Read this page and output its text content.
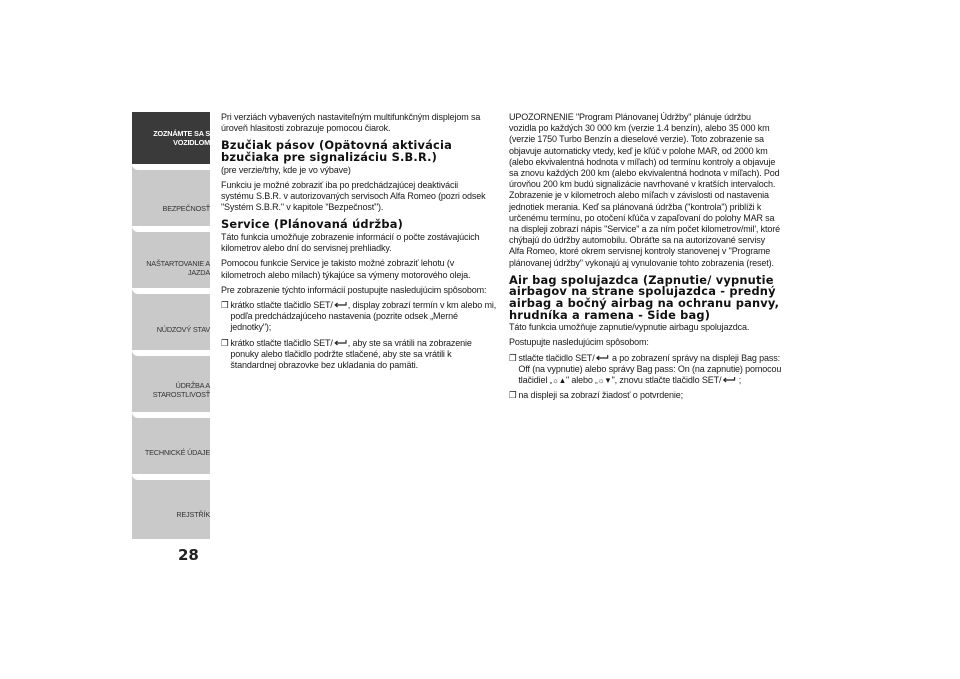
ZOZNÁMTE SA S VOZIDLOM
BEZPEČNOSŤ
NAŠTARTOVANIE A JAZDA
NÚDZOVÝ STAV
ÚDRŽBA A STAROSTLIVOSŤ
TECHNICKÉ ÚDAJE
REJSTŘÍK
28

Pri verziách vybavených nastaviteľným multifunkčným displejom sa úroveň hlasitosti zobrazuje pomocou čiarok.

Bzučiak pásov (Opätovná aktivácia bzučiaka pre signalizáciu S.B.R.)

(pre verzie/trhy, kde je vo výbave)

Funkciu je možné zobraziť iba po predchádzajúcej deaktivácii systému S.B.R. v autorizovaných servisoch Alfa Romeo (pozri odsek "Systém S.B.R." v kapitole "Bezpečnosť").

Service (Plánovaná údržba)

Táto funkcia umožňuje zobrazenie informácií o počte zostávajúcich kilometrov alebo dní do servisnej prehliadky.

Pomocou funkcie Service je takisto možné zobraziť lehotu (v kilometroch alebo mílach) týkajúce sa výmeny motorového oleja.

Pre zobrazenie týchto informácií postupujte nasledujúcim spôsobom:

❒ krátko stlačte tlačidlo SET/ , display zobrazí termín v km alebo mi, podľa predchádzajúceho nastavenia (pozrite odsek „Merné jednotky");

❒ krátko stlačte tlačidlo SET/ , aby ste sa vrátili na zobrazenie ponuky alebo tlačidlo podržte stlačené, aby ste sa vrátili k štandardnej obrazovke bez ukladania do pamäti.

UPOZORNENIE "Program Plánovanej Údržby" plánuje údržbu vozidla po každých 30 000 km (verzie 1.4 benzín), alebo 35 000 km (verzie 1750 Turbo Benzín a dieselové verzie). Toto zobrazenie sa objavuje automaticky vtedy, keď je kľúč v polohe MAR, od 2000 km (alebo ekvivalentná hodnota v míľach) od termínu kontroly a objavuje sa znovu každých 200 km (alebo ekvivalentná hodnota v míľach). Pod úrovňou 200 km budú signalizácie navrhované v kratších intervaloch. Zobrazenie je v kilometroch alebo míľach v závislosti od nastavenia jednotiek merania. Keď sa plánovaná údržba ("kontrola") priblíži k určenému termínu, po otočení kľúča v zapaľovaní do polohy MAR sa na displeji zobrazí nápis "Service" a za ním počet kilometrov/mil', ktoré chýbajú do údržby automobilu. Obráťte sa na autorizované servisy Alfa Romeo, ktoré okrem servisnej kontroly stanovenej v "Programe plánovanej údržby" vykonajú aj vynulovanie tohto zobrazenia (reset).

Air bag spolujazdca (Zapnutie/ vypnutie airbagov na strane spolujazdca - predný airbag a bočný airbag na ochranu panvy, hrudníka a ramena - Side bag)

Táto funkcia umožňuje zapnutie/vypnutie airbagu spolujazdca.

Postupujte nasledujúcim spôsobom:

❒ stlačte tlačidlo SET/
a po zobrazení správy na displeji Bag pass: Off (na vypnutie) alebo správy Bag pass: On (na zapnutie) pomocou tlačidiel „☼▲" alebo „☼▼", znovu stlačte tlačidlo SET/
;

❒ na displeji sa zobrazí žiadosť o potvrdenie;
